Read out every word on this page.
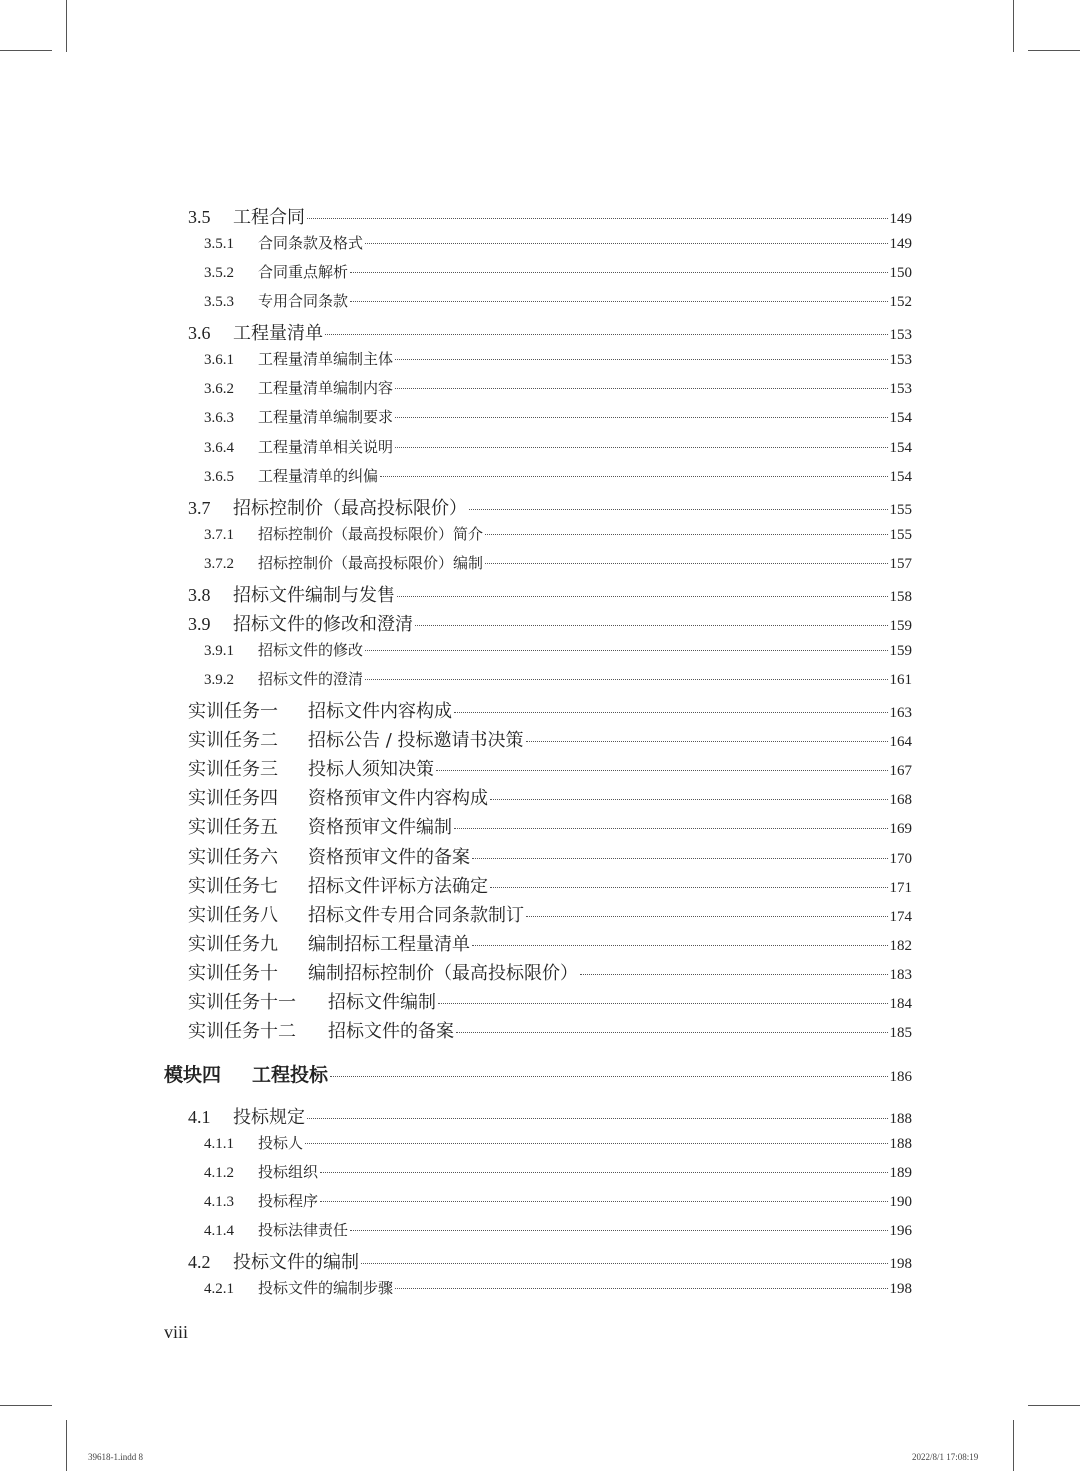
3.5	工程合同	149
3.5.1	合同条款及格式	149
3.5.2	合同重点解析	150
3.5.3	专用合同条款	152
3.6	工程量清单	153
3.6.1	工程量清单编制主体	153
3.6.2	工程量清单编制内容	153
3.6.3	工程量清单编制要求	154
3.6.4	工程量清单相关说明	154
3.6.5	工程量清单的纠偏	154
3.7	招标控制价（最高投标限价）	155
3.7.1	招标控制价（最高投标限价）简介	155
3.7.2	招标控制价（最高投标限价）编制	157
3.8	招标文件编制与发售	158
3.9	招标文件的修改和澄清	159
3.9.1	招标文件的修改	159
3.9.2	招标文件的澄清	161
实训任务一	招标文件内容构成	163
实训任务二	招标公告 / 投标邀请书决策	164
实训任务三	投标人须知决策	167
实训任务四	资格预审文件内容构成	168
实训任务五	资格预审文件编制	169
实训任务六	资格预审文件的备案	170
实训任务七	招标文件评标方法确定	171
实训任务八	招标文件专用合同条款制订	174
实训任务九	编制招标工程量清单	182
实训任务十	编制招标控制价（最高投标限价）	183
实训任务十一	招标文件编制	184
实训任务十二	招标文件的备案	185
模块四	工程投标	186
4.1	投标规定	188
4.1.1	投标人	188
4.1.2	投标组织	189
4.1.3	投标程序	190
4.1.4	投标法律责任	196
4.2	投标文件的编制	198
4.2.1	投标文件的编制步骤	198
viii
39618-1.indd 8	2022/8/1 17:08:19
